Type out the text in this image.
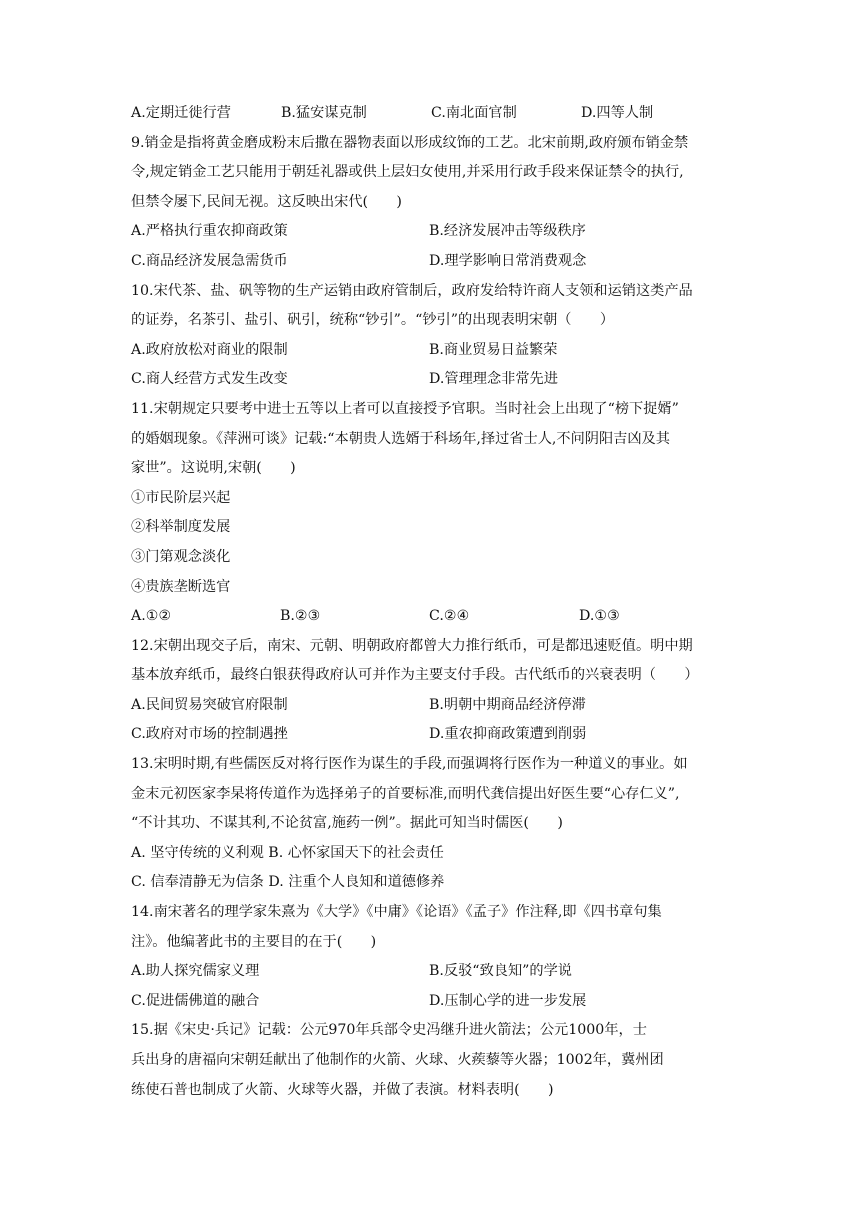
A.定期迁徙行营	B.猛安谋克制	C.南北面官制	D.四等人制
9.销金是指将黄金磨成粉末后撒在器物表面以形成纹饰的工艺。北宋前期,政府颁布销金禁
令,规定销金工艺只能用于朝廷礼器或供上层妇女使用,并采用行政手段来保证禁令的执行,
但禁令屡下,民间无视。这反映出宋代(　　)
A.严格执行重农抑商政策	B.经济发展冲击等级秩序
C.商品经济发展急需货币	D.理学影响日常消费观念
10.宋代茶、盐、矾等物的生产运销由政府管制后，政府发给特许商人支领和运销这类产品
的证券，名茶引、盐引、矾引，统称“钞引”。“钞引”的出现表明宋朝（　　）
A.政府放松对商业的限制	B.商业贸易日益繁荣
C.商人经营方式发生改变	D.管理理念非常先进
11.宋朝规定只要考中进士五等以上者可以直接授予官职。当时社会上出现了“榜下捉婿”
的婚姻现象。《萍洲可谈》记载:“本朝贵人选婿于科场年,择过省士人,不问阴阳吉凶及其
家世”。这说明,宋朝(　　)
①市民阶层兴起
②科举制度发展
③门第观念淡化
④贵族垄断选官
A.①②	B.②③	C.②④	D.①③
12.宋朝出现交子后，南宋、元朝、明朝政府都曾大力推行纸币，可是都迅速贬值。明中期
基本放弃纸币，最终白银获得政府认可并作为主要支付手段。古代纸币的兴衰表明（　　）
A.民间贸易突破官府限制	B.明朝中期商品经济停滞
C.政府对市场的控制遇挫	D.重农抑商政策遭到削弱
13.宋明时期,有些儒医反对将行医作为谋生的手段,而强调将行医作为一种道义的事业。如
金末元初医家李杲将传道作为选择弟子的首要标准,而明代龚信提出好医生要“心存仁义”,
“不计其功、不谋其利,不论贫富,施药一例”。据此可知当时儒医(　　)
A. 坚守传统的义利观 B. 心怀家国天下的社会责任
C. 信奉清静无为信条 D. 注重个人良知和道德修养
14.南宋著名的理学家朱熹为《大学》《中庸》《论语》《孟子》作注释,即《四书章句集
注》。他编著此书的主要目的在于(　　)
A.助人探究儒家义理	B.反驳“致良知”的学说
C.促进儒佛道的融合	D.压制心学的进一步发展
15.据《宋史·兵记》记载：公元970年兵部令史冯继升进火箭法；公元1000年，士
兵出身的唐福向宋朝廷献出了他制作的火箭、火球、火蒺藜等火器；1002年，冀州团
练使石普也制成了火箭、火球等火器，并做了表演。材料表明(　　)
